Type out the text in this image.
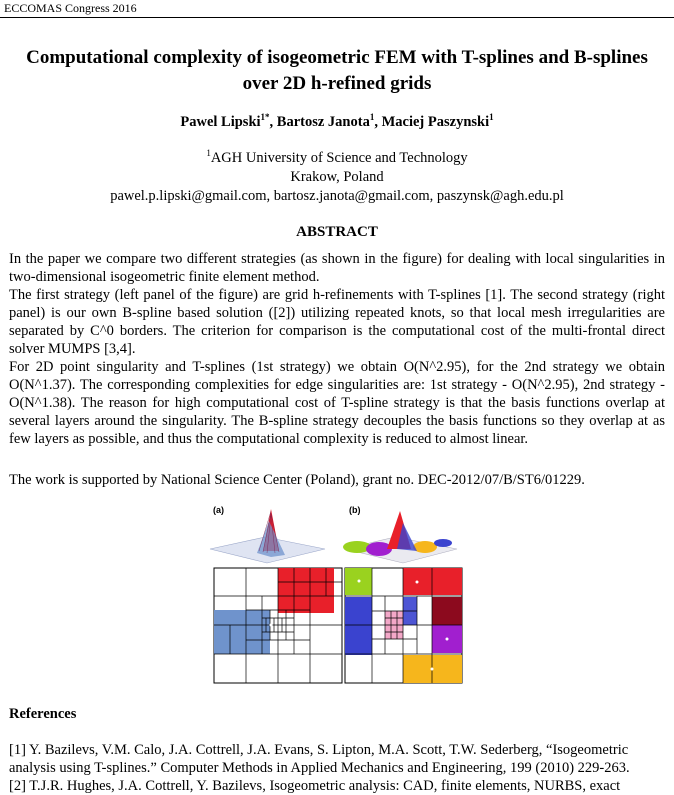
ECCOMAS Congress 2016
Computational complexity of isogeometric FEM with T-splines and B-splines
over 2D h-refined grids
Pawel Lipski$^{1*}$, Bartosz Janota$^1$, Maciej Paszynski$^1$
$^1$AGH University of Science and Technology
Krakow, Poland
pawel.p.lipski@gmail.com, bartosz.janota@gmail.com, paszynsk@agh.edu.pl
ABSTRACT

In the paper we compare two different strategies (as shown in the figure) for dealing with local singularities in two-dimensional isogeometric finite element method.

The first strategy (left panel of the figure) are grid h-refinements with T-splines [1]. The second strategy (right panel) is our own B-spline based solution ([2]) utilizing repeated knots, so that local mesh irregularities are separated by C^0 borders. The criterion for comparison is the computational cost of the multi-frontal direct solver MUMPS [3,4].

For 2D point singularity and T-splines (1st strategy) we obtain O(N^2.95), for the 2nd strategy we obtain O(N^1.37). The corresponding complexities for edge singularities are: 1st strategy - O(N^2.95), 2nd strategy - O(N^1.38). The reason for high computational cost of T-spline strategy is that the basis functions overlap at several layers around the singularity. The B-spline strategy decouples the basis functions so they overlap at as few layers as possible, and thus the computational complexity is reduced to almost linear.

The work is supported by National Science Center (Poland), grant no. DEC-2012/07/B/ST6/01229.
(a)	(b)
References
[1] Y. Bazilevs, V.M. Calo, J.A. Cottrell, J.A. Evans, S. Lipton, M.A. Scott, T.W. Sederberg, “Isogeometric analysis using T-splines.” Computer Methods in Applied Mechanics and Engineering, 199 (2010) 229-263.
[2] T.J.R. Hughes, J.A. Cottrell, Y. Bazilevs, Isogeometric analysis: CAD, finite elements, NURBS, exact
